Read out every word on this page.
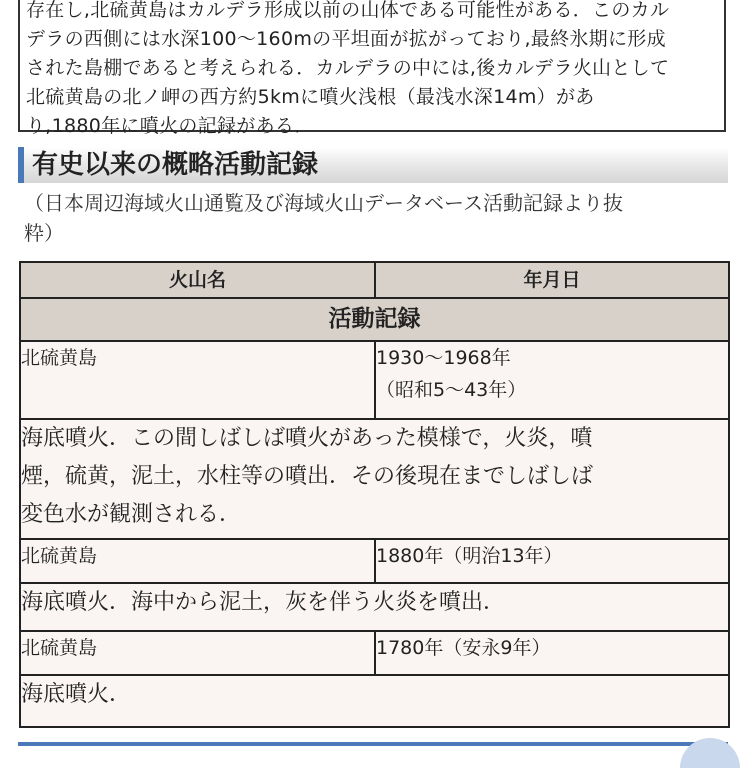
存在し,北硫黄島はカルデラ形成以前の山体である可能性がある．このカル
デラの西側には水深100〜160mの平坦面が拡がっており,最終氷期に形成
された島棚であると考えられる．カルデラの中には,後カルデラ火山として
北硫黄島の北ノ岬の西方約5kmに噴火浅根（最浅水深14m）があ
り,1880年に噴火の記録がある．
有史以来の概略活動記録
（日本周辺海域火山通覧及び海域火山データベース活動記録より抜
粋）
火山名	年月日
活動記録	
北硫黄島	1930〜1968年
（昭和5〜43年）

海底噴火．この間しばしば噴火があった模様で，火炎，噴
煙，硫黄，泥土，水柱等の噴出．その後現在までしばしば
変色水が観測される．	

北硫黄島	1880年（明治13年）

海底噴火．海中から泥土，灰を伴う火炎を噴出．	

北硫黄島	1780年（安永9年）

海底噴火．	
